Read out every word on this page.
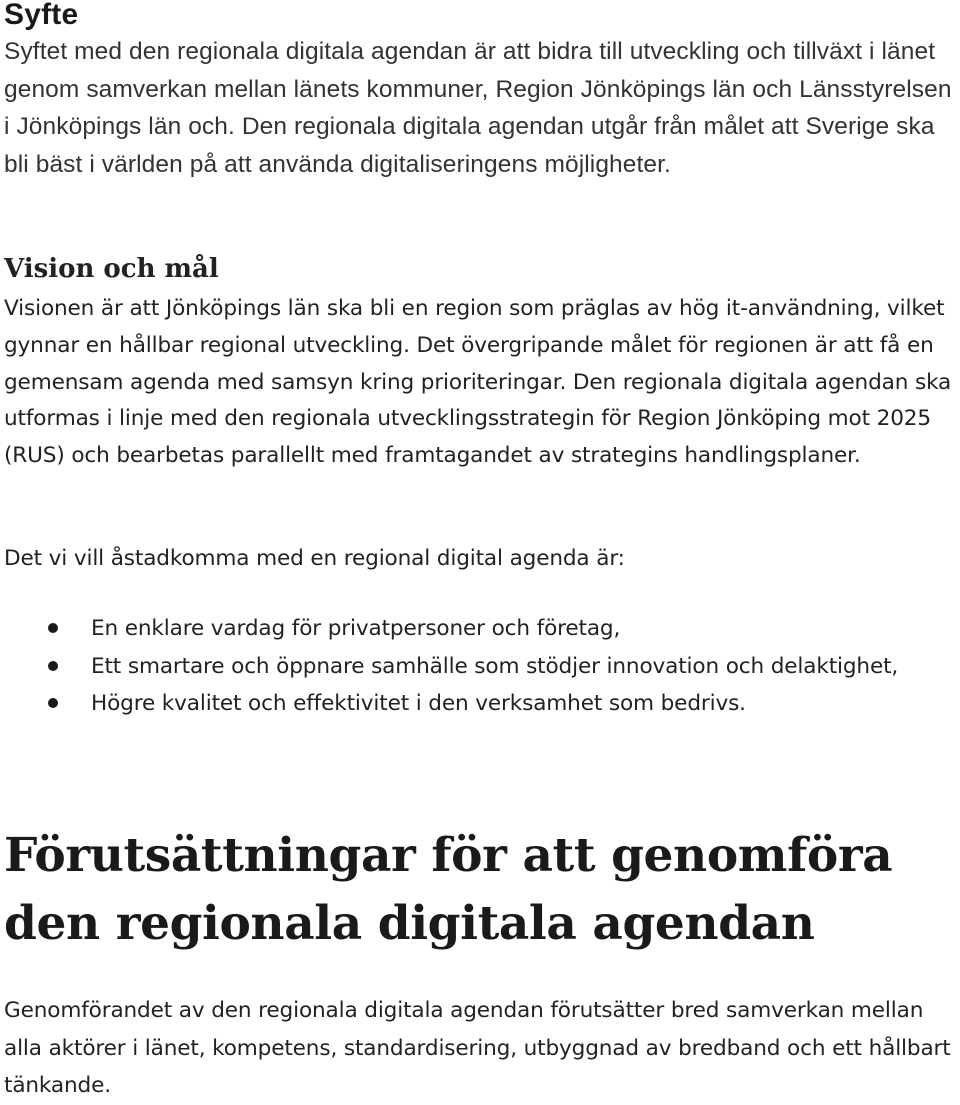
Syfte

Syftet med den regionala digitala agendan är att bidra till utveckling och tillväxt i länet genom samverkan mellan länets kommuner, Region Jönköpings län och Länsstyrelsen i Jönköpings län och. Den regionala digitala agendan utgår från målet att Sverige ska bli bäst i världen på att använda digitaliseringens möjligheter.

Vision och mål

Visionen är att Jönköpings län ska bli en region som präglas av hög it-användning, vilket gynnar en hållbar regional utveckling. Det övergripande målet för regionen är att få en gemensam agenda med samsyn kring prioriteringar. Den regionala digitala agendan ska utformas i linje med den regionala utvecklingsstrategin för Region Jönköping mot 2025 (RUS) och bearbetas parallellt med framtagandet av strategins handlingsplaner.

Det vi vill åstadkomma med en regional digital agenda är:

En enklare vardag för privatpersoner och företag,
Ett smartare och öppnare samhälle som stödjer innovation och delaktighet,
Högre kvalitet och effektivitet i den verksamhet som bedrivs.
Förutsättningar för att genomföra den regionala digitala agendan

Genomförandet av den regionala digitala agendan förutsätter bred samverkan mellan alla aktörer i länet, kompetens, standardisering, utbyggnad av bredband och ett hållbart tänkande.
